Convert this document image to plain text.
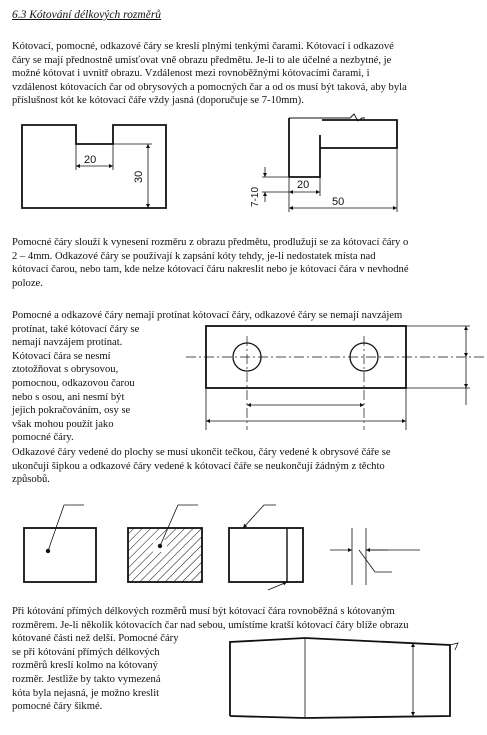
6.3 Kótování délkových rozměrů

Kótovací, pomocné, odkazové čáry se kreslí plnými tenkými čarami. Kótovací i odkazové
čáry se mají přednostně umisťovat vně obrazu předmětu. Je-li to ale účelné a nezbytné, je
možné kótovat i uvnitř obrazu. Vzdálenost mezi rovnoběžnými kótovacími čarami, i
vzdálenost kótovacích čar od obrysových a pomocných čar a od os musí být taková, aby byla
příslušnost kót ke kótovací čáře vždy jasná (doporučuje se 7-10mm).

Pomocné čáry slouží k vynesení rozměru z obrazu předmětu, prodlužují se za kótovací čáry o
2 – 4mm. Odkazové čáry se používají k zapsání kóty tehdy, je-li nedostatek místa nad
kótovací čarou, nebo tam, kde nelze kótovací čáru nakreslit nebo je kótovací čára v nevhodné
poloze.

Pomocné a odkazové čáry nemají protínat kótovací čáry, odkazové čáry se nemají navzájem
protínat, také kótovací čáry se
nemají navzájem protínat.
Kótovací čára se nesmí
ztotožňovat s obrysovou,
pomocnou, odkazovou čarou
nebo s osou, ani nesmí být
jejich pokračováním, osy se
však mohou použít jako
pomocné čáry.

Odkazové čáry vedené do plochy se musí ukončit tečkou, čáry vedené k obrysové čáře se
ukončují šipkou a odkazové čáry vedené k kótovací čáře se neukončují žádným z těchto
způsobů.

Při kótování přímých délkových rozměrů musí být kótovací čára rovnoběžná s kótovaným
rozměrem. Je-li několik kótovacích čar nad sebou, umístíme kratší kótovací čáry blíže obrazu
kótované části než delší. Pomocné čáry
se při kótování přímých délkových
rozměrů kreslí kolmo na kótovaný
rozměr. Jestliže by takto vymezená
kóta byla nejasná, je možno kreslit
pomocné čáry šikmé.

20
30
20
50
7-10
